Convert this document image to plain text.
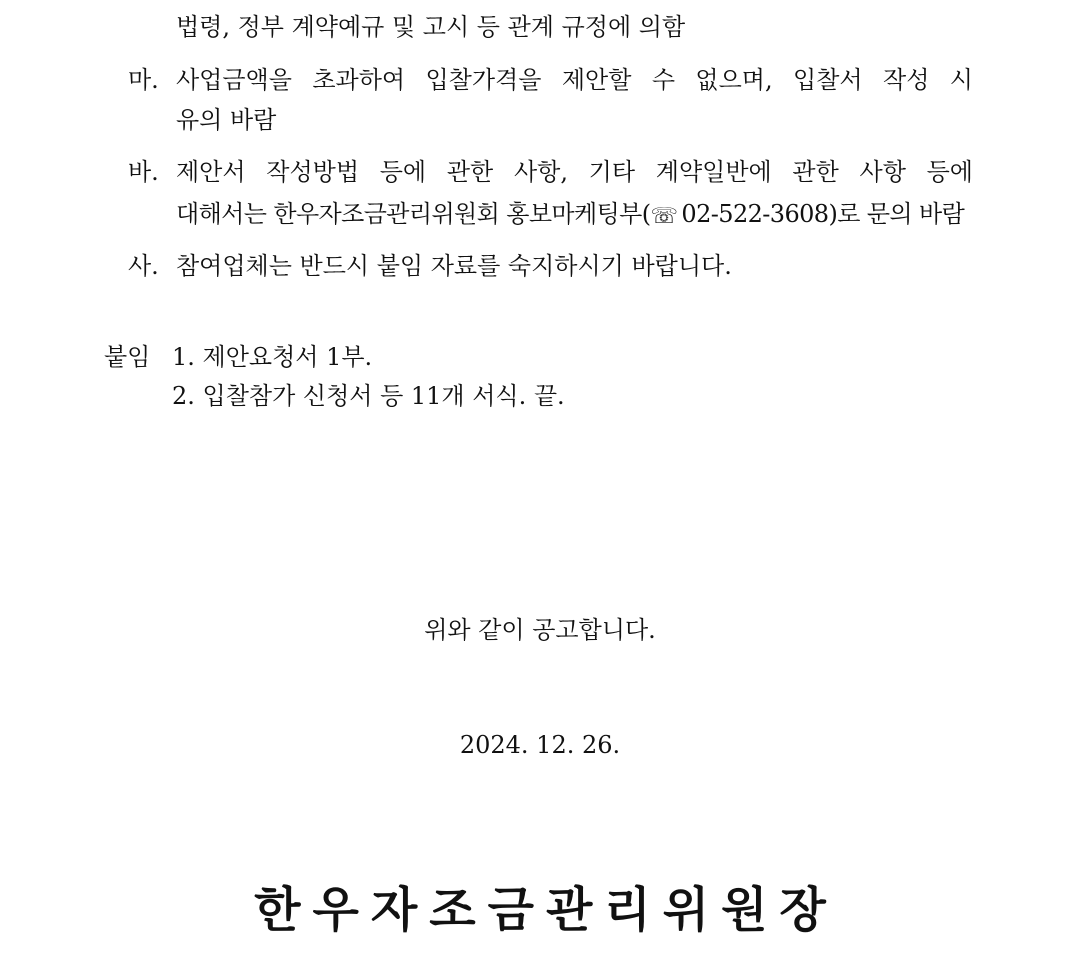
법령, 정부 계약예규 및 고시 등 관계 규정에 의함
마. 사업금액을 초과하여 입찰가격을 제안할 수 없으며, 입찰서 작성 시
유의 바람
바. 제안서 작성방법 등에 관한 사항, 기타 계약일반에 관한 사항 등에
대해서는 한우자조금관리위원회 홍보마케팅부(☏ 02-522-3608)로 문의 바람
사. 참여업체는 반드시 붙임 자료를 숙지하시기 바랍니다.
붙임 1. 제안요청서 1부.
2. 입찰참가 신청서 등 11개 서식. 끝.
위와 같이 공고합니다.
2024. 12. 26.
한우자조금관리위원장
